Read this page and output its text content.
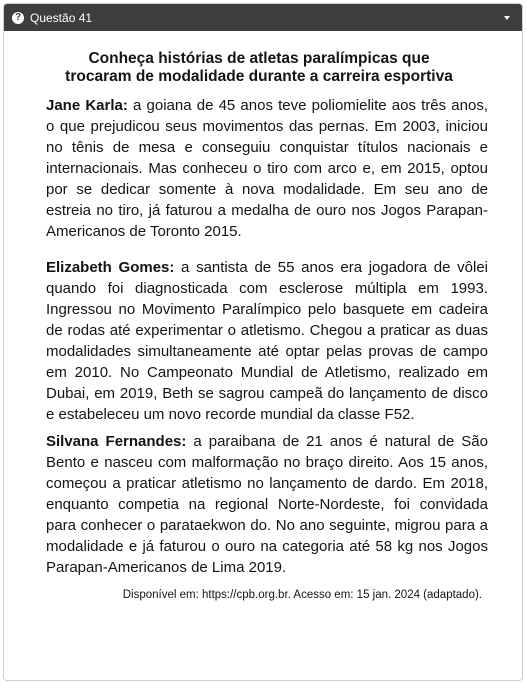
? Questão 41
Conheça histórias de atletas paralímpicas que
trocaram de modalidade durante a carreira esportiva

Jane Karla: a goiana de 45 anos teve poliomielite aos três anos, o que prejudicou seus movimentos das pernas. Em 2003, iniciou no tênis de mesa e conseguiu conquistar títulos nacionais e internacionais. Mas conheceu o tiro com arco e, em 2015, optou por se dedicar somente à nova modalidade. Em seu ano de estreia no tiro, já faturou a medalha de ouro nos Jogos Parapan-Americanos de Toronto 2015.

Elizabeth Gomes: a santista de 55 anos era jogadora de vôlei quando foi diagnosticada com esclerose múltipla em 1993. Ingressou no Movimento Paralímpico pelo basquete em cadeira de rodas até experimentar o atletismo. Chegou a praticar as duas modalidades simultaneamente até optar pelas provas de campo em 2010. No Campeonato Mundial de Atletismo, realizado em Dubai, em 2019, Beth se sagrou campeã do lançamento de disco e estabeleceu um novo recorde mundial da classe F52.

Silvana Fernandes: a paraibana de 21 anos é natural de São Bento e nasceu com malformação no braço direito. Aos 15 anos, começou a praticar atletismo no lançamento de dardo. Em 2018, enquanto competia na regional Norte-Nordeste, foi convidada para conhecer o parataekwon do. No ano seguinte, migrou para a modalidade e já faturou o ouro na categoria até 58 kg nos Jogos Parapan-Americanos de Lima 2019.

Disponível em: https://cpb.org.br. Acesso em: 15 jan. 2024 (adaptado).
